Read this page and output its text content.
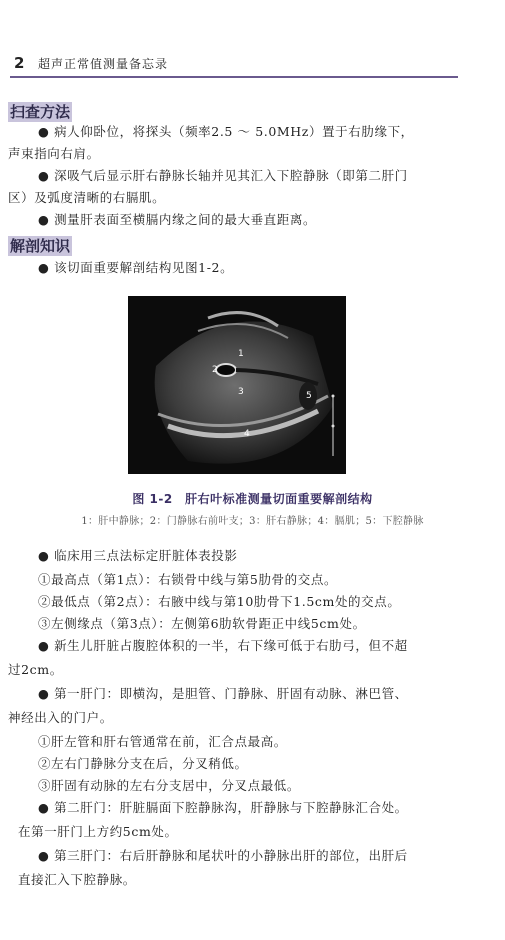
2 超声正常值测量备忘录
扫查方法
● 病人仰卧位，将探头（频率2.5 ～ 5.0MHz）置于右肋缘下，
声束指向右肩。
● 深吸气后显示肝右静脉长轴并见其汇入下腔静脉（即第二肝门
区）及弧度清晰的右膈肌。
● 测量肝表面至横膈内缘之间的最大垂直距离。
解剖知识
● 该切面重要解剖结构见图1-2。
1
2
3
4
5
图 1-2　肝右叶标准测量切面重要解剖结构
1：肝中静脉；2：门静脉右前叶支；3：肝右静脉；4：膈肌；5：下腔静脉
● 临床用三点法标定肝脏体表投影
①最高点（第1点）：右锁骨中线与第5肋骨的交点。
②最低点（第2点）：右腋中线与第10肋骨下1.5cm处的交点。
③左侧缘点（第3点）：左侧第6肋软骨距正中线5cm处。
● 新生儿肝脏占腹腔体积的一半，右下缘可低于右肋弓，但不超
过2cm。
● 第一肝门：即横沟，是胆管、门静脉、肝固有动脉、淋巴管、
神经出入的门户。
①肝左管和肝右管通常在前，汇合点最高。
②左右门静脉分支在后，分叉稍低。
③肝固有动脉的左右分支居中，分叉点最低。
● 第二肝门：肝脏膈面下腔静脉沟，肝静脉与下腔静脉汇合处。
在第一肝门上方约5cm处。
● 第三肝门：右后肝静脉和尾状叶的小静脉出肝的部位，出肝后
直接汇入下腔静脉。
